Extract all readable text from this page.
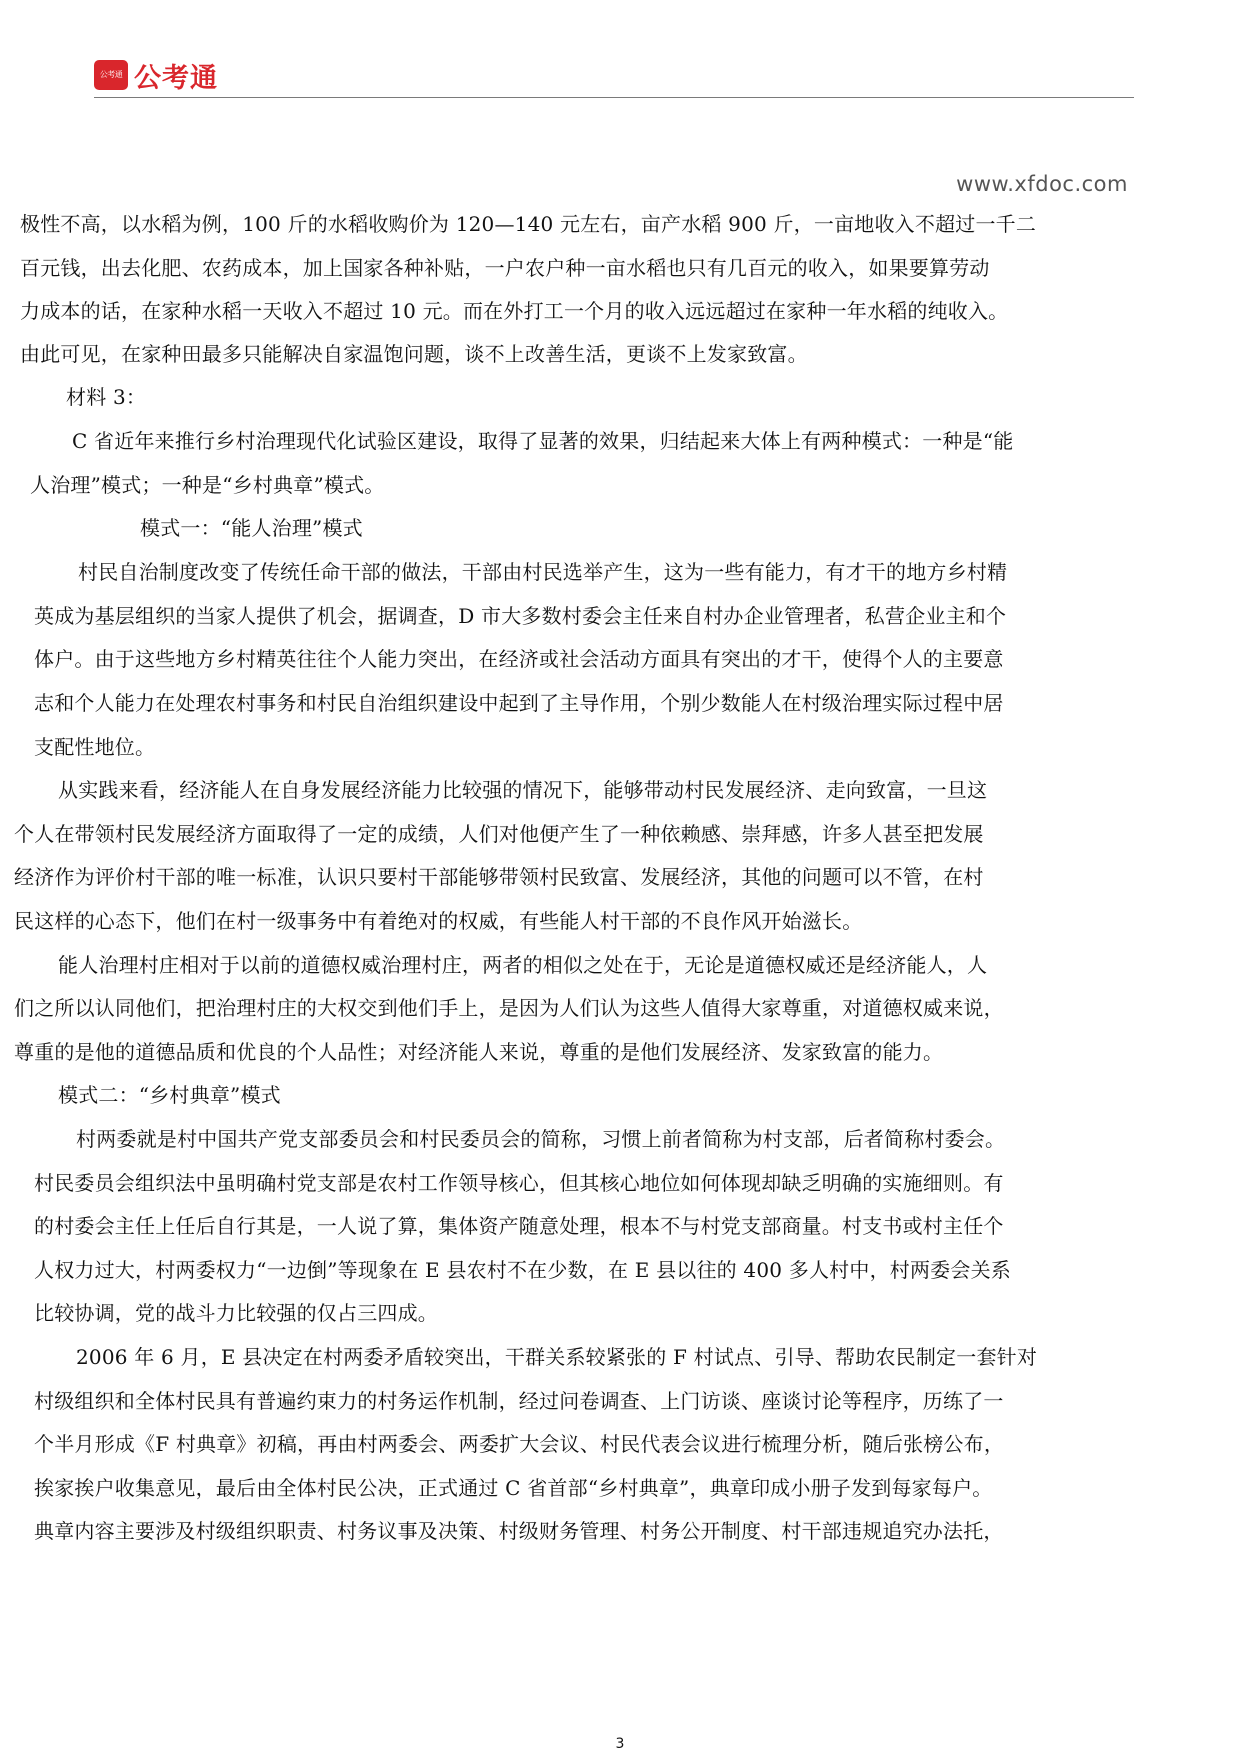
公考通 公考通
www.xfdoc.com
极性不高，以水稻为例，100 斤的水稻收购价为 120—140 元左右，亩产水稻 900 斤，一亩地收入不超过一千二
百元钱，出去化肥、农药成本，加上国家各种补贴，一户农户种一亩水稻也只有几百元的收入，如果要算劳动
力成本的话，在家种水稻一天收入不超过 10 元。而在外打工一个月的收入远远超过在家种一年水稻的纯收入。
由此可见，在家种田最多只能解决自家温饱问题，谈不上改善生活，更谈不上发家致富。
材料 3：
C 省近年来推行乡村治理现代化试验区建设，取得了显著的效果，归结起来大体上有两种模式：一种是“能
人治理”模式；一种是“乡村典章”模式。
模式一：“能人治理”模式
村民自治制度改变了传统任命干部的做法，干部由村民选举产生，这为一些有能力，有才干的地方乡村精
英成为基层组织的当家人提供了机会，据调查，D 市大多数村委会主任来自村办企业管理者，私营企业主和个
体户。由于这些地方乡村精英往往个人能力突出，在经济或社会活动方面具有突出的才干，使得个人的主要意
志和个人能力在处理农村事务和村民自治组织建设中起到了主导作用，个别少数能人在村级治理实际过程中居
支配性地位。
从实践来看，经济能人在自身发展经济能力比较强的情况下，能够带动村民发展经济、走向致富，一旦这
个人在带领村民发展经济方面取得了一定的成绩，人们对他便产生了一种依赖感、崇拜感，许多人甚至把发展
经济作为评价村干部的唯一标准，认识只要村干部能够带领村民致富、发展经济，其他的问题可以不管，在村
民这样的心态下，他们在村一级事务中有着绝对的权威，有些能人村干部的不良作风开始滋长。
能人治理村庄相对于以前的道德权威治理村庄，两者的相似之处在于，无论是道德权威还是经济能人，人
们之所以认同他们，把治理村庄的大权交到他们手上，是因为人们认为这些人值得大家尊重，对道德权威来说，
尊重的是他的道德品质和优良的个人品性；对经济能人来说，尊重的是他们发展经济、发家致富的能力。
模式二：“乡村典章”模式
村两委就是村中国共产党支部委员会和村民委员会的简称，习惯上前者简称为村支部，后者简称村委会。
村民委员会组织法中虽明确村党支部是农村工作领导核心，但其核心地位如何体现却缺乏明确的实施细则。有
的村委会主任上任后自行其是，一人说了算，集体资产随意处理，根本不与村党支部商量。村支书或村主任个
人权力过大，村两委权力“一边倒”等现象在 E 县农村不在少数，在 E 县以往的 400 多人村中，村两委会关系
比较协调，党的战斗力比较强的仅占三四成。
2006 年 6 月，E 县决定在村两委矛盾较突出，干群关系较紧张的 F 村试点、引导、帮助农民制定一套针对
村级组织和全体村民具有普遍约束力的村务运作机制，经过问卷调查、上门访谈、座谈讨论等程序，历练了一
个半月形成《F 村典章》初稿，再由村两委会、两委扩大会议、村民代表会议进行梳理分析，随后张榜公布，
挨家挨户收集意见，最后由全体村民公决，正式通过 C 省首部“乡村典章”，典章印成小册子发到每家每户。
典章内容主要涉及村级组织职责、村务议事及决策、村级财务管理、村务公开制度、村干部违规追究办法托，
3
